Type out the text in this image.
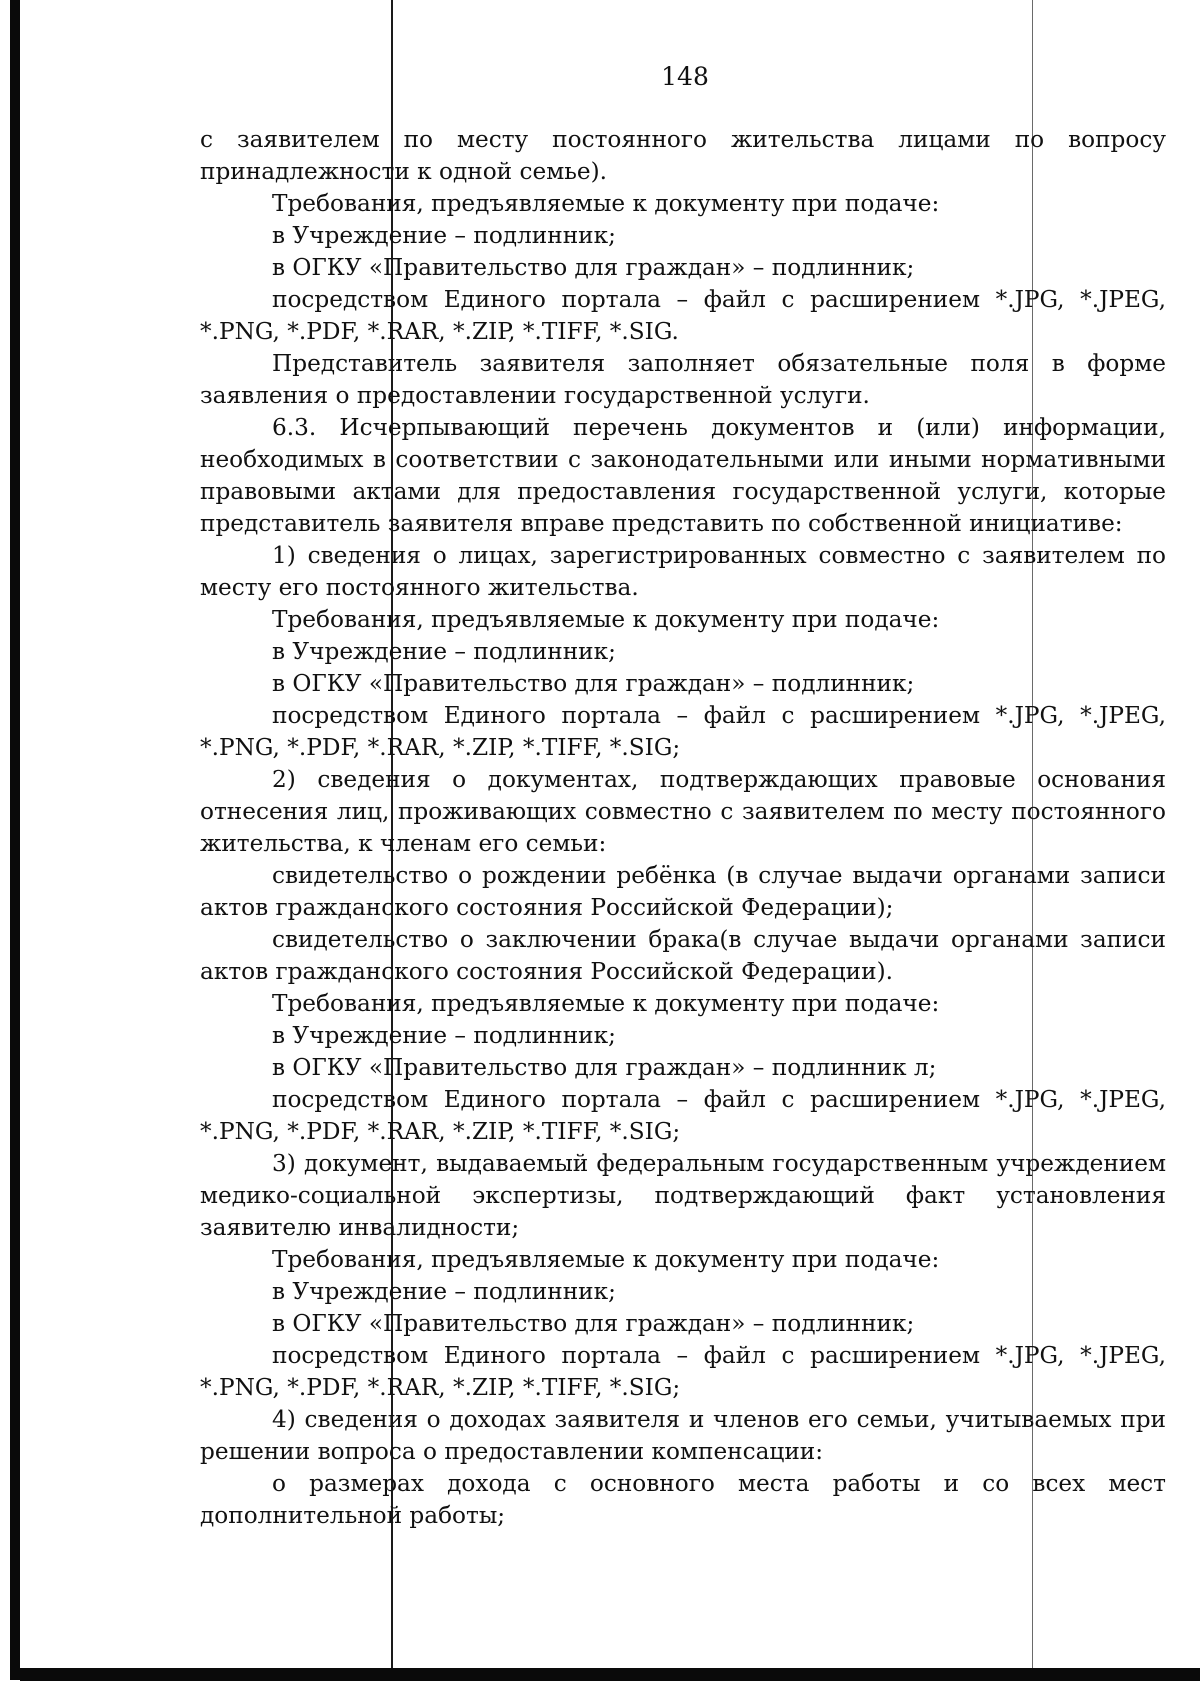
148

с заявителем по месту постоянного жительства лицами по вопросу принадлежности к одной семье).

Требования, предъявляемые к документу при подаче:

в Учреждение – подлинник;

в ОГКУ «Правительство для граждан» – подлинник;

посредством Единого портала – файл с расширением *.JPG, *.JPEG, *.PNG, *.PDF, *.RAR, *.ZIP, *.TIFF, *.SIG.

Представитель заявителя заполняет обязательные поля в форме заявления о предоставлении государственной услуги.

6.3. Исчерпывающий перечень документов и (или) информации, необходимых в соответствии с законодательными или иными нормативными правовыми актами для предоставления государственной услуги, которые представитель заявителя вправе представить по собственной инициативе:

1) сведения о лицах, зарегистрированных совместно с заявителем по месту его постоянного жительства.

Требования, предъявляемые к документу при подаче:

в Учреждение – подлинник;

в ОГКУ «Правительство для граждан» – подлинник;

посредством Единого портала – файл с расширением *.JPG, *.JPEG, *.PNG, *.PDF, *.RAR, *.ZIP, *.TIFF, *.SIG;

2) сведения о документах, подтверждающих правовые основания отнесения лиц, проживающих совместно с заявителем по месту постоянного жительства, к членам его семьи:

свидетельство о рождении ребёнка (в случае выдачи органами записи актов гражданского состояния Российской Федерации);

свидетельство о заключении брака(в случае выдачи органами записи актов гражданского состояния Российской Федерации).

Требования, предъявляемые к документу при подаче:

в Учреждение – подлинник;

в ОГКУ «Правительство для граждан» – подлинник л;

посредством Единого портала – файл с расширением *.JPG, *.JPEG, *.PNG, *.PDF, *.RAR, *.ZIP, *.TIFF, *.SIG;

3) документ, выдаваемый федеральным государственным учреждением медико-социальной экспертизы, подтверждающий факт установления заявителю инвалидности;

Требования, предъявляемые к документу при подаче:

в Учреждение – подлинник;

в ОГКУ «Правительство для граждан» – подлинник;

посредством Единого портала – файл с расширением *.JPG, *.JPEG, *.PNG, *.PDF, *.RAR, *.ZIP, *.TIFF, *.SIG;

4) сведения о доходах заявителя и членов его семьи, учитываемых при решении вопроса о предоставлении компенсации:

о размерах дохода с основного места работы и со всех мест дополнительной работы;
